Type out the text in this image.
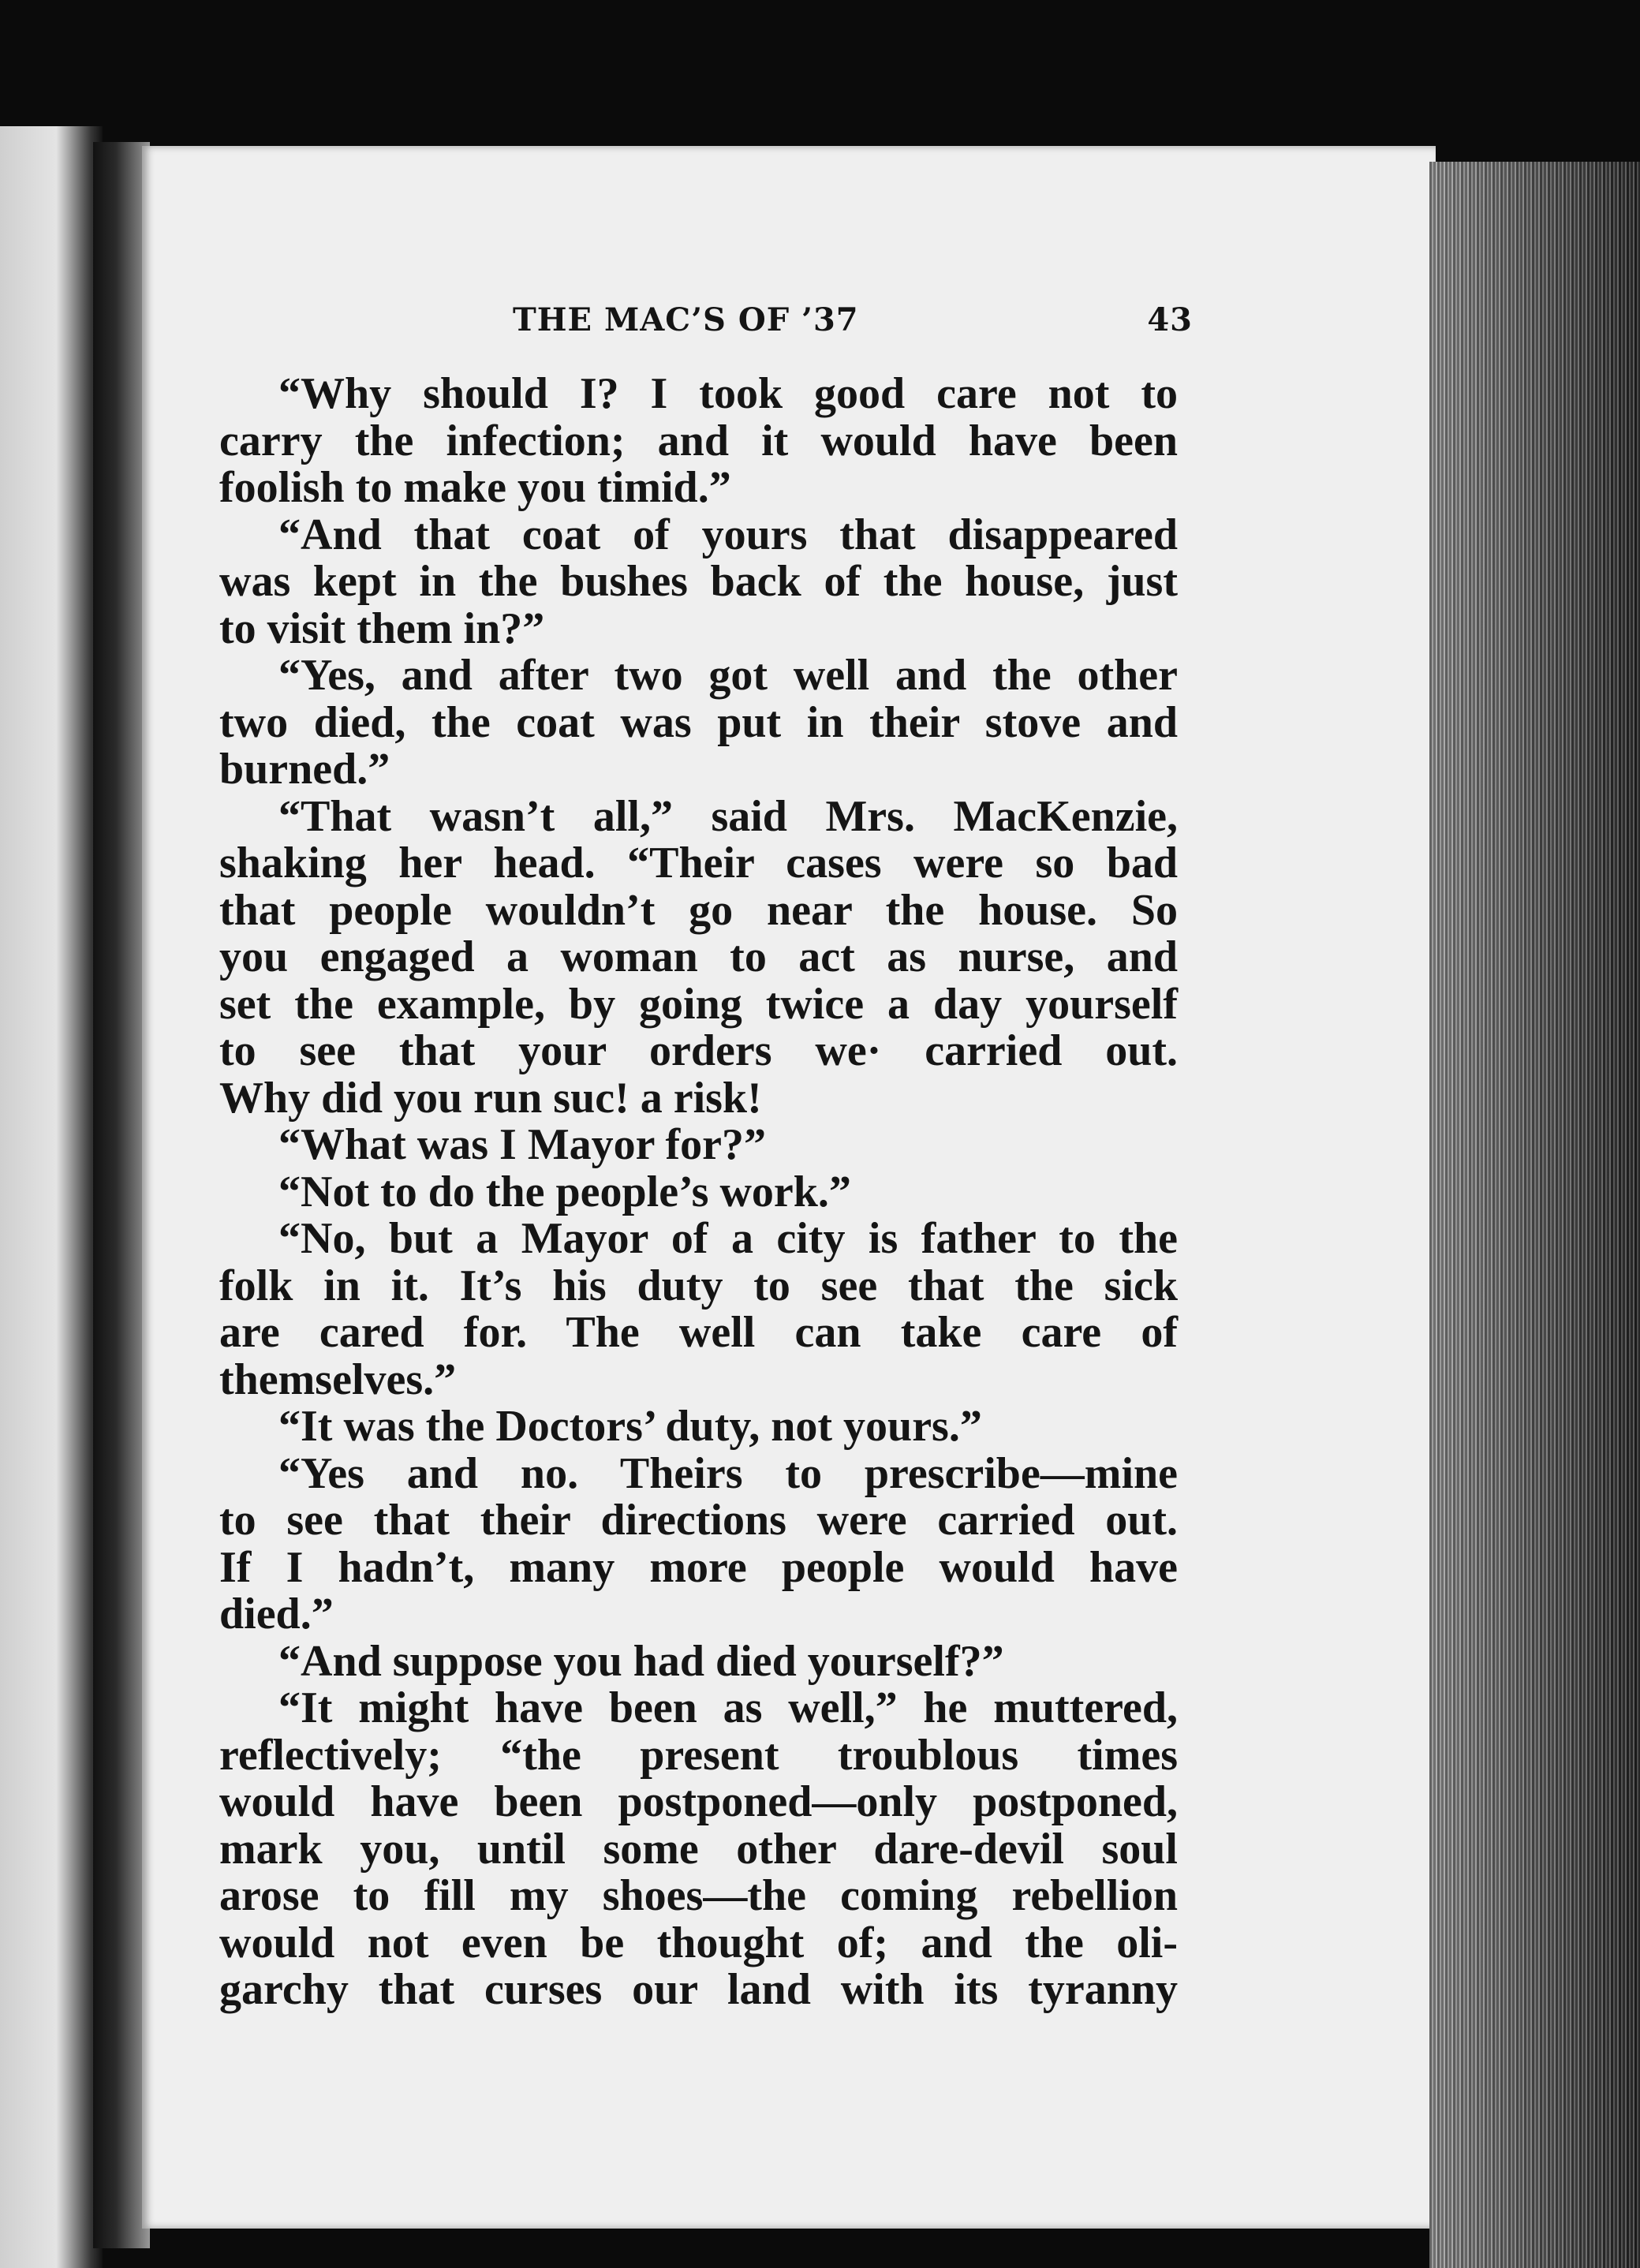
THE MAC’S OF ’37	43
“Why should I? I took good care not to
carry the infection; and it would have been
foolish to make you timid.”
“And that coat of yours that disappeared
was kept in the bushes back of the house, just
to visit them in?”
“Yes, and after two got well and the other
two died, the coat was put in their stove and
burned.”
“That wasn’t all,” said Mrs. MacKenzie,
shaking her head. “Their cases were so bad
that people wouldn’t go near the house. So
you engaged a woman to act as nurse, and
set the example, by going twice a day yourself
to see that your orders we· carried out.
Why did you run suc! a risk!
“What was I Mayor for?”
“Not to do the people’s work.”
“No, but a Mayor of a city is father to the
folk in it. It’s his duty to see that the sick
are cared for. The well can take care of
themselves.”
“It was the Doctors’ duty, not yours.”
“Yes and no. Theirs to prescribe—mine
to see that their directions were carried out.
If I hadn’t, many more people would have
died.”
“And suppose you had died yourself?”
“It might have been as well,” he muttered,
reflectively; “the present troublous times
would have been postponed—only postponed,
mark you, until some other dare-devil soul
arose to fill my shoes—the coming rebellion
would not even be thought of; and the oli-
garchy that curses our land with its tyranny
